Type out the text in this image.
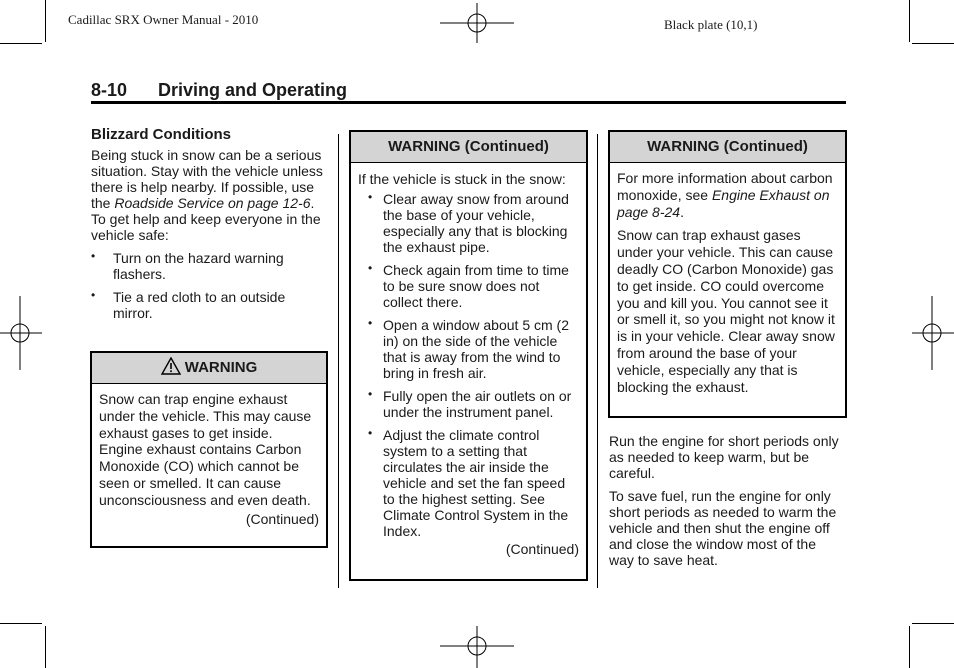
Cadillac SRX Owner Manual - 2010	Black plate (10,1)
8-10 Driving and Operating
Blizzard Conditions

Being stuck in snow can be a serious situation. Stay with the vehicle unless there is help nearby. If possible, use the Roadside Service on page 12-6. To get help and keep everyone in the vehicle safe:

• Turn on the hazard warning flashers.
• Tie a red cloth to an outside mirror.
WARNING
Snow can trap engine exhaust under the vehicle. This may cause exhaust gases to get inside. Engine exhaust contains Carbon Monoxide (CO) which cannot be seen or smelled. It can cause unconsciousness and even death.
(Continued)
WARNING (Continued)
If the vehicle is stuck in the snow:
• Clear away snow from around the base of your vehicle, especially any that is blocking the exhaust pipe.
• Check again from time to time to be sure snow does not collect there.
• Open a window about 5 cm (2 in) on the side of the vehicle that is away from the wind to bring in fresh air.
• Fully open the air outlets on or under the instrument panel.
• Adjust the climate control system to a setting that circulates the air inside the vehicle and set the fan speed to the highest setting. See Climate Control System in the Index.
(Continued)
WARNING (Continued)

For more information about carbon monoxide, see Engine Exhaust on page 8-24.

Snow can trap exhaust gases under your vehicle. This can cause deadly CO (Carbon Monoxide) gas to get inside. CO could overcome you and kill you. You cannot see it or smell it, so you might not know it is in your vehicle. Clear away snow from around the base of your vehicle, especially any that is blocking the exhaust.

Run the engine for short periods only as needed to keep warm, but be careful.

To save fuel, run the engine for only short periods as needed to warm the vehicle and then shut the engine off and close the window most of the way to save heat.
